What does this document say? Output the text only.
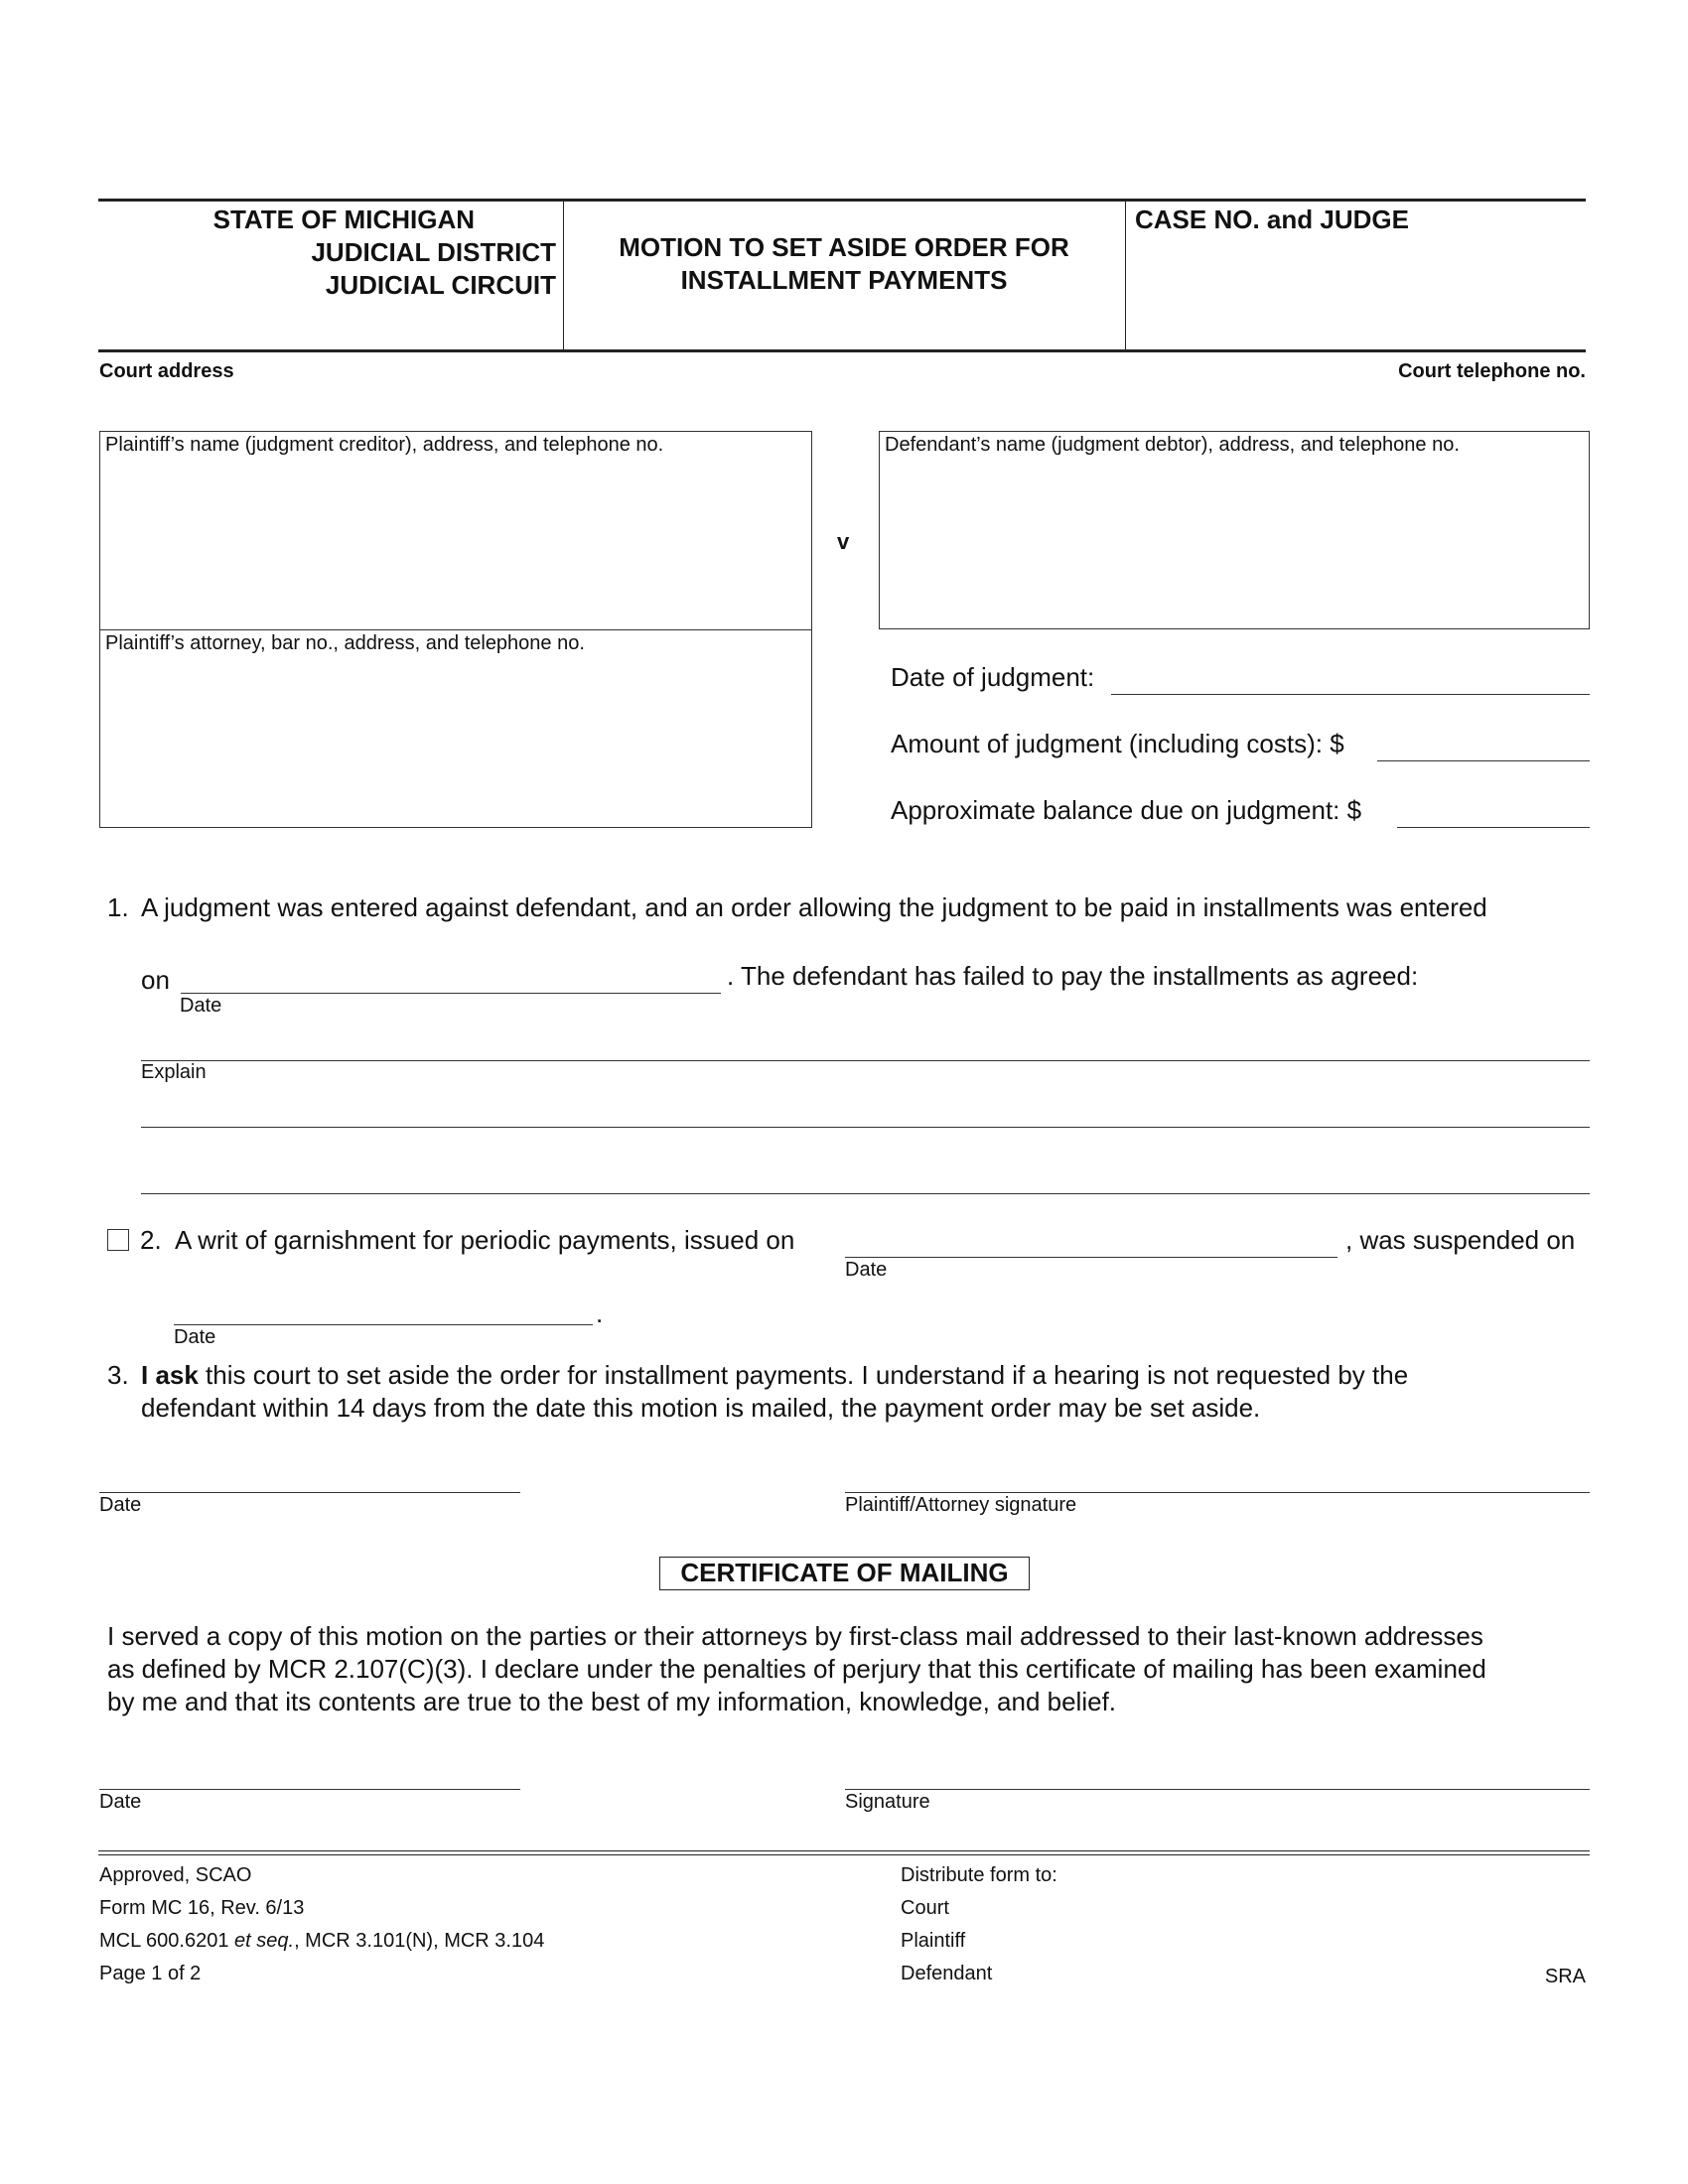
STATE OF MICHIGAN
JUDICIAL DISTRICT
JUDICIAL CIRCUIT
MOTION TO SET ASIDE ORDER FOR
INSTALLMENT PAYMENTS
CASE NO. and JUDGE
Court address	Court telephone no.
Plaintiff’s name (judgment creditor), address, and telephone no.
Plaintiff’s attorney, bar no., address, and telephone no.
v
Defendant’s name (judgment debtor), address, and telephone no.
Date of judgment:
Amount of judgment (including costs): $
Approximate balance due on judgment: $
1. A judgment was entered against defendant, and an order allowing the judgment to be paid in installments was entered
on
Date
. The defendant has failed to pay the installments as agreed:
Explain
2. A writ of garnishment for periodic payments, issued on
Date
, was suspended on
.
Date
3. I ask this court to set aside the order for installment payments. I understand if a hearing is not requested by the
defendant within 14 days from the date this motion is mailed, the payment order may be set aside.
Date	Plaintiff/Attorney signature
CERTIFICATE OF MAILING
I served a copy of this motion on the parties or their attorneys by first-class mail addressed to their last-known addresses
as defined by MCR 2.107(C)(3). I declare under the penalties of perjury that this certificate of mailing has been examined
by me and that its contents are true to the best of my information, knowledge, and belief.
Date	Signature
Approved, SCAO
Form MC 16, Rev. 6/13
MCL 600.6201 et seq., MCR 3.101(N), MCR 3.104
Page 1 of 2
Distribute form to:
Court
Plaintiff
Defendant	SRA
